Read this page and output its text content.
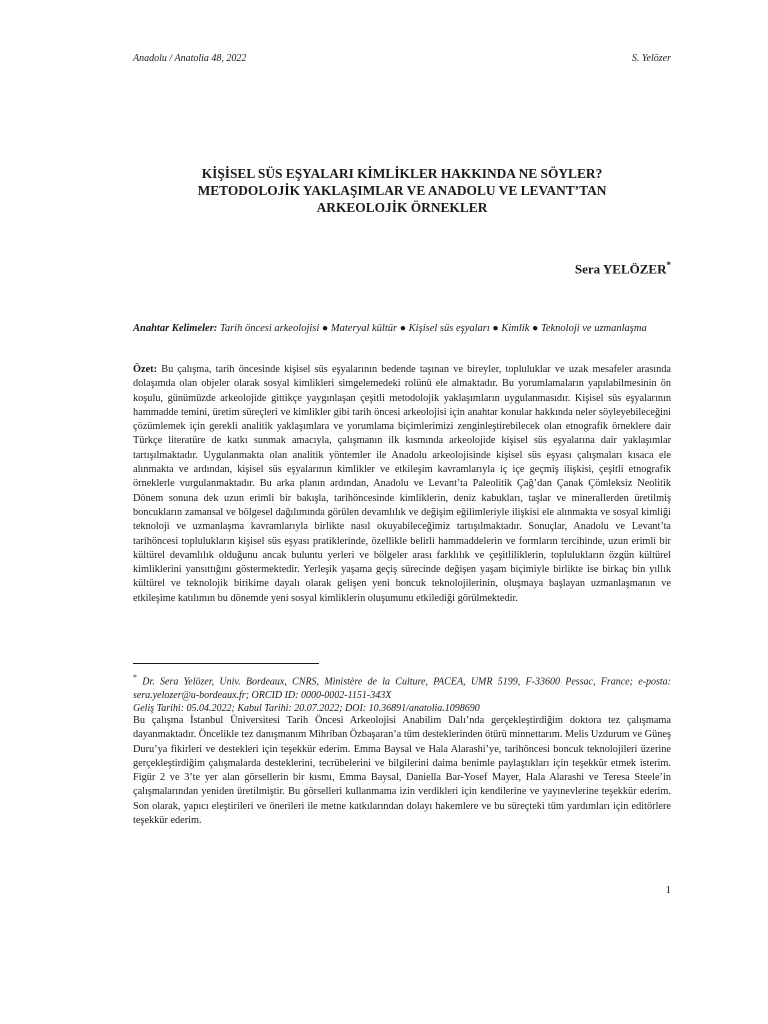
Anadolu / Anatolia 48, 2022	S. Yelözer
KİŞİSEL SÜS EŞYALARI KİMLİKLER HAKKINDA NE SÖYLER?
METODOLOJİK YAKLAŞIMLAR VE ANADOLU VE LEVANT’TAN
ARKEOLOJİK ÖRNEKLER
Sera YELÖZER*
Anahtar Kelimeler: Tarih öncesi arkeolojisi ● Materyal kültür ● Kişisel süs eşyaları ● Kimlik ● Teknoloji ve uzmanlaşma
Özet: Bu çalışma, tarih öncesinde kişisel süs eşyalarının bedende taşınan ve bireyler, topluluklar ve uzak mesafeler arasında dolaşımda olan objeler olarak sosyal kimlikleri simgelemedeki rolünü ele almaktadır. Bu yorumlamaların yapılabilmesinin ön koşulu, günümüzde arkeolojide gittikçe yaygınlaşan çeşitli metodolojik yaklaşımların uygulanmasıdır. Kişisel süs eşyalarının hammadde temini, üretim süreçleri ve kimlikler gibi tarih öncesi arkeolojisi için anahtar konular hakkında neler söyleyebileceğini çözümlemek için gerekli analitik yaklaşımlara ve yorumlama biçimlerimizi zenginleştirebilecek olan etnografik örneklere dair Türkçe literatüre de katkı sunmak amacıyla, çalışmanın ilk kısmında arkeolojide kişisel süs eşyalarına dair yaklaşımlar tartışılmaktadır. Uygulanmakta olan analitik yöntemler ile Anadolu arkeolojisinde kişisel süs eşyası çalışmaları kısaca ele alınmakta ve ardından, kişisel süs eşyalarının kimlikler ve etkileşim kavramlarıyla iç içe geçmiş ilişkisi, çeşitli etnografik örneklerle vurgulanmaktadır. Bu arka planın ardından, Anadolu ve Levant’ta Paleolitik Çağ’dan Çanak Çömleksiz Neolitik Dönem sonuna dek uzun erimli bir bakışla, tarihöncesinde kimliklerin, deniz kabukları, taşlar ve minerallerden üretilmiş boncukların zamansal ve bölgesel dağılımında görülen devamlılık ve değişim eğilimleriyle ilişkisi ele alınmakta ve sosyal kimliği teknoloji ve uzmanlaşma kavramlarıyla birlikte nasıl okuyabileceğimiz tartışılmaktadır. Sonuçlar, Anadolu ve Levant’ta tarihöncesi toplulukların kişisel süs eşyası pratiklerinde, özellikle belirli hammaddelerin ve formların tercihinde, uzun erimli bir kültürel devamlılık olduğunu ancak buluntu yerleri ve bölgeler arası farklılık ve çeşitliliklerin, toplulukların özgün kültürel kimliklerini yansıttığını göstermektedir. Yerleşik yaşama geçiş sürecinde değişen yaşam biçimiyle birlikte ise birkaç bin yıllık kültürel ve teknolojik birikime dayalı olarak gelişen yeni boncuk teknolojilerinin, oluşmaya başlayan uzmanlaşmanın ve etkileşime katılımın bu dönemde yeni sosyal kimliklerin oluşumunu etkilediği görülmektedir.
* Dr. Sera Yelözer, Univ. Bordeaux, CNRS, Ministère de la Culture, PACEA, UMR 5199, F-33600 Pessac, France; e-posta: sera.yelozer@u-bordeaux.fr; ORCID ID: 0000-0002-1151-343X
Geliş Tarihi: 05.04.2022; Kabul Tarihi: 20.07.2022; DOI: 10.36891/anatolia.1098690
Bu çalışma İstanbul Üniversitesi Tarih Öncesi Arkeolojisi Anabilim Dalı’nda gerçekleştirdiğim doktora tez çalışmama dayanmaktadır. Öncelikle tez danışmanım Mihriban Özbaşaran’a tüm desteklerinden ötürü minnettarım. Melis Uzdurum ve Güneş Duru’ya fikirleri ve destekleri için teşekkür ederim. Emma Baysal ve Hala Alarashi’ye, tarihöncesi boncuk teknolojileri üzerine gerçekleştirdiğim çalışmalarda desteklerini, tecrübelerini ve bilgilerini daima benimle paylaştıkları için teşekkür etmek isterim. Figür 2 ve 3’te yer alan görsellerin bir kısmı, Emma Baysal, Daniella Bar-Yosef Mayer, Hala Alarashi ve Teresa Steele’in çalışmalarından yeniden üretilmiştir. Bu görselleri kullanmama izin verdikleri için kendilerine ve yayınevlerine teşekkür ederim. Son olarak, yapıcı eleştirileri ve önerileri ile metne katkılarından dolayı hakemlere ve bu süreçteki tüm yardımları için editörlere teşekkür ederim.
1
